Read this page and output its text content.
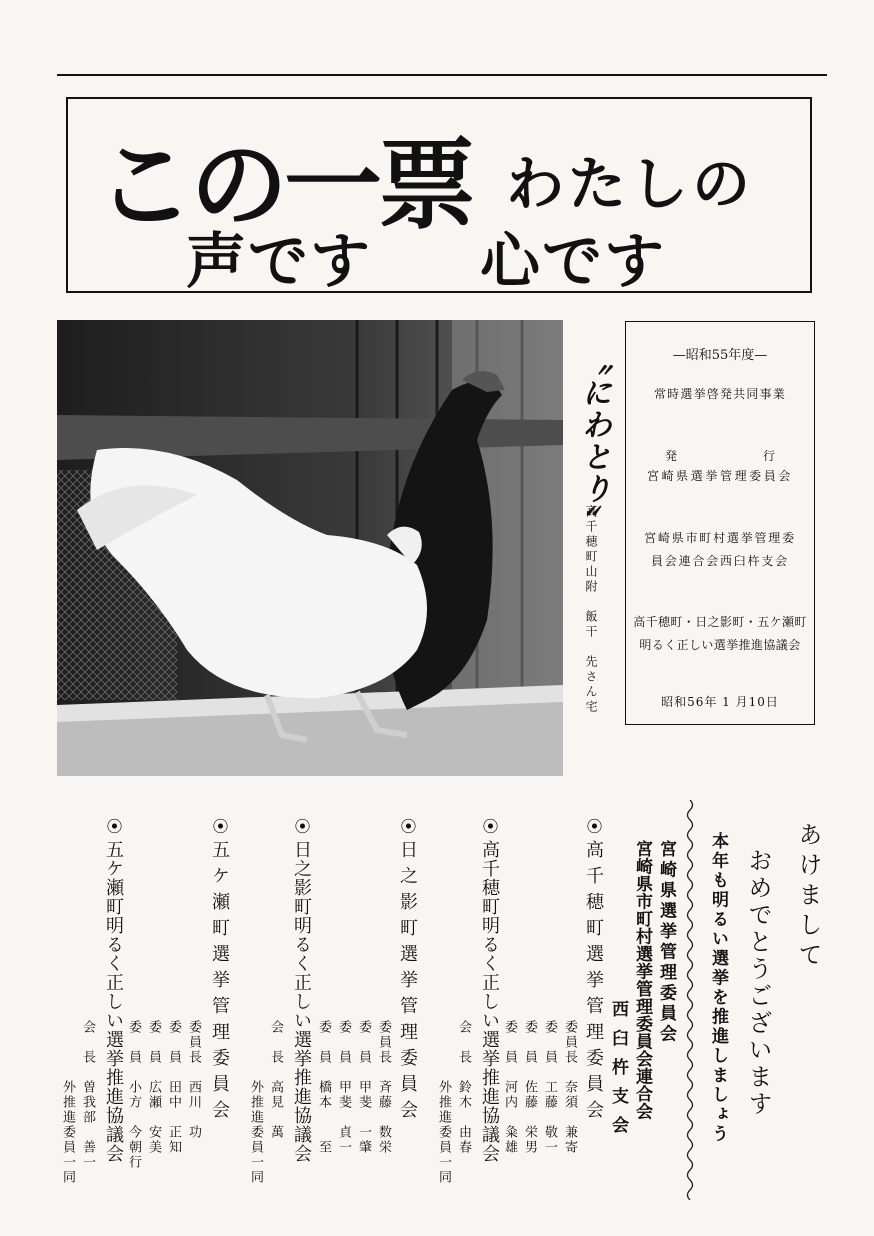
この一票 わたしの
声です 心です
〝にわとり〟
高千穂町山附　飯干　先さん宅
—昭和55年度—
常時選挙啓発共同事業
発	行
宮崎県選挙管理委員会
宮崎県市町村選挙管理委
員会連合会西臼杵支会
高千穂町・日之影町・五ケ瀬町
明るく正しい選挙推進協議会
昭和56年 1 月10日
あけまして
おめでとうございます
本年も明るい選挙を推進しましょう
宮崎県選挙管理委員会
宮崎県市町村選挙管理委員会連合会
西臼杵支会
⦿
高千穂町選挙管理委員会
委員長　奈須　兼寄
委　員　工藤　敬一
委　員　佐藤　栄男
委　員　河内　粂雄
⦿
高千穂町明るく正しい選挙推進協議会
会　長　鈴木　由春
外推進委員一同
⦿
日之影町選挙管理委員会
委員長　斉藤　数栄
委　員　甲斐　一肇
委　員　甲斐　貞一
委　員　橋本　　至
⦿
日之影町明るく正しい選挙推進協議会
会　長　高見　萬
外推進委員一同
⦿
五ケ瀬町選挙管理委員会
委員長　西川　功
委　員　田中　正知
委　員　広瀬　安美
委　員　小方　今朝行
⦿
五ケ瀬町明るく正しい選挙推進協議会
会　長　曽我部　善一
外推進委員一同
